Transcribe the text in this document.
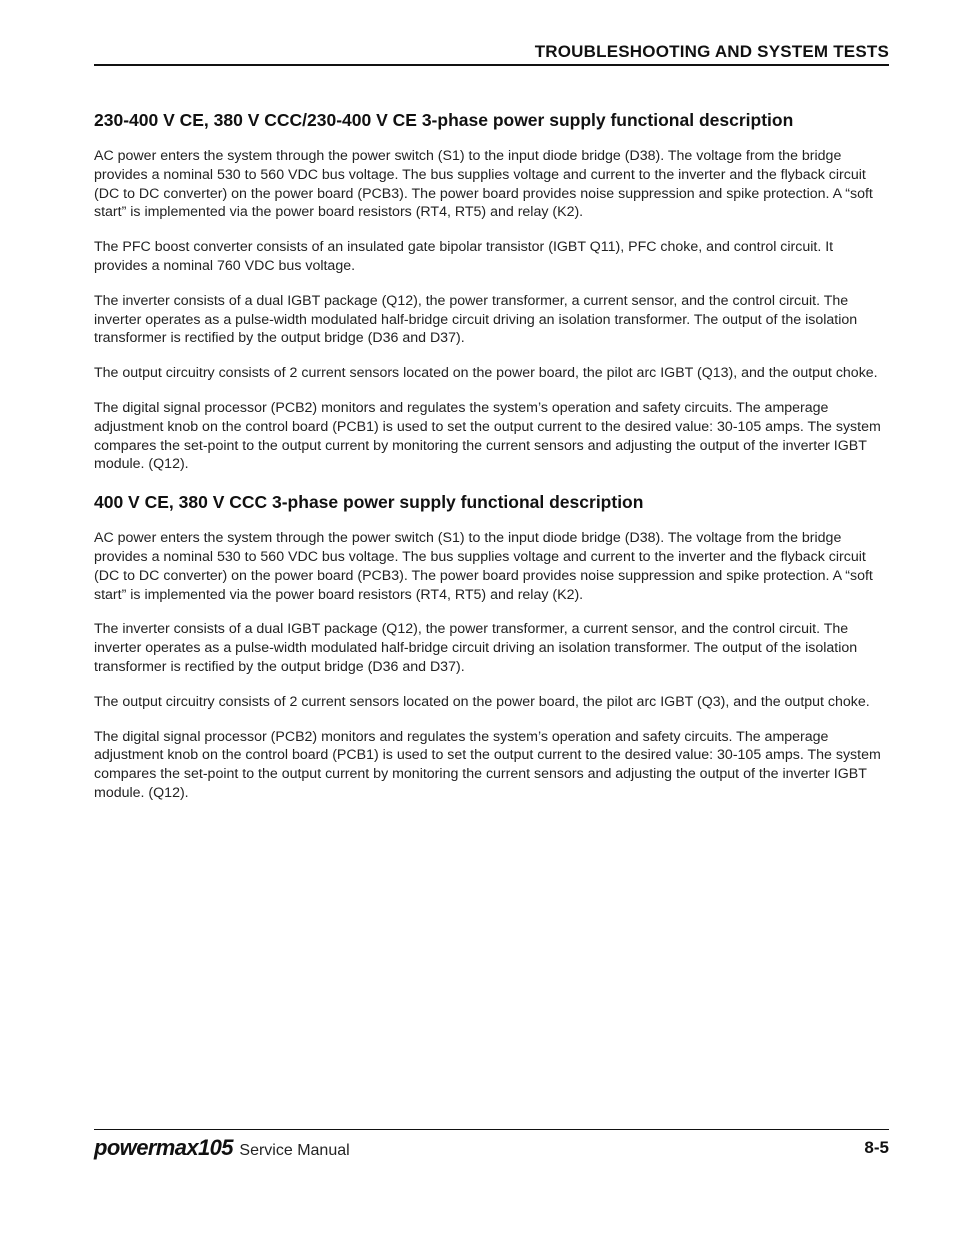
TROUBLESHOOTING AND SYSTEM TESTS
230-400 V CE, 380 V CCC/230-400 V CE 3-phase power supply functional description

AC power enters the system through the power switch (S1) to the input diode bridge (D38). The voltage from the bridge provides a nominal 530 to 560 VDC bus voltage. The bus supplies voltage and current to the inverter and the flyback circuit (DC to DC converter) on the power board (PCB3). The power board provides noise suppression and spike protection. A “soft start” is implemented via the power board resistors (RT4, RT5) and relay (K2).

The PFC boost converter consists of an insulated gate bipolar transistor (IGBT Q11), PFC choke, and control circuit. It provides a nominal 760 VDC bus voltage.

The inverter consists of a dual IGBT package (Q12), the power transformer, a current sensor, and the control circuit. The inverter operates as a pulse-width modulated half-bridge circuit driving an isolation transformer. The output of the isolation transformer is rectified by the output bridge (D36 and D37).

The output circuitry consists of 2 current sensors located on the power board, the pilot arc IGBT (Q13), and the output choke.

The digital signal processor (PCB2) monitors and regulates the system’s operation and safety circuits. The amperage adjustment knob on the control board (PCB1) is used to set the output current to the desired value: 30-105 amps. The system compares the set-point to the output current by monitoring the current sensors and adjusting the output of the inverter IGBT module. (Q12).

400 V CE, 380 V CCC 3-phase power supply functional description

AC power enters the system through the power switch (S1) to the input diode bridge (D38). The voltage from the bridge provides a nominal 530 to 560 VDC bus voltage. The bus supplies voltage and current to the inverter and the flyback circuit (DC to DC converter) on the power board (PCB3). The power board provides noise suppression and spike protection. A “soft start” is implemented via the power board resistors (RT4, RT5) and relay (K2).

The inverter consists of a dual IGBT package (Q12), the power transformer, a current sensor, and the control circuit. The inverter operates as a pulse-width modulated half-bridge circuit driving an isolation transformer. The output of the isolation transformer is rectified by the output bridge (D36 and D37).

The output circuitry consists of 2 current sensors located on the power board, the pilot arc IGBT (Q3), and the output choke.

The digital signal processor (PCB2) monitors and regulates the system’s operation and safety circuits. The amperage adjustment knob on the control board (PCB1) is used to set the output current to the desired value: 30-105 amps. The system compares the set-point to the output current by monitoring the current sensors and adjusting the output of the inverter IGBT module. (Q12).

powermax105 Service Manual	8-5
